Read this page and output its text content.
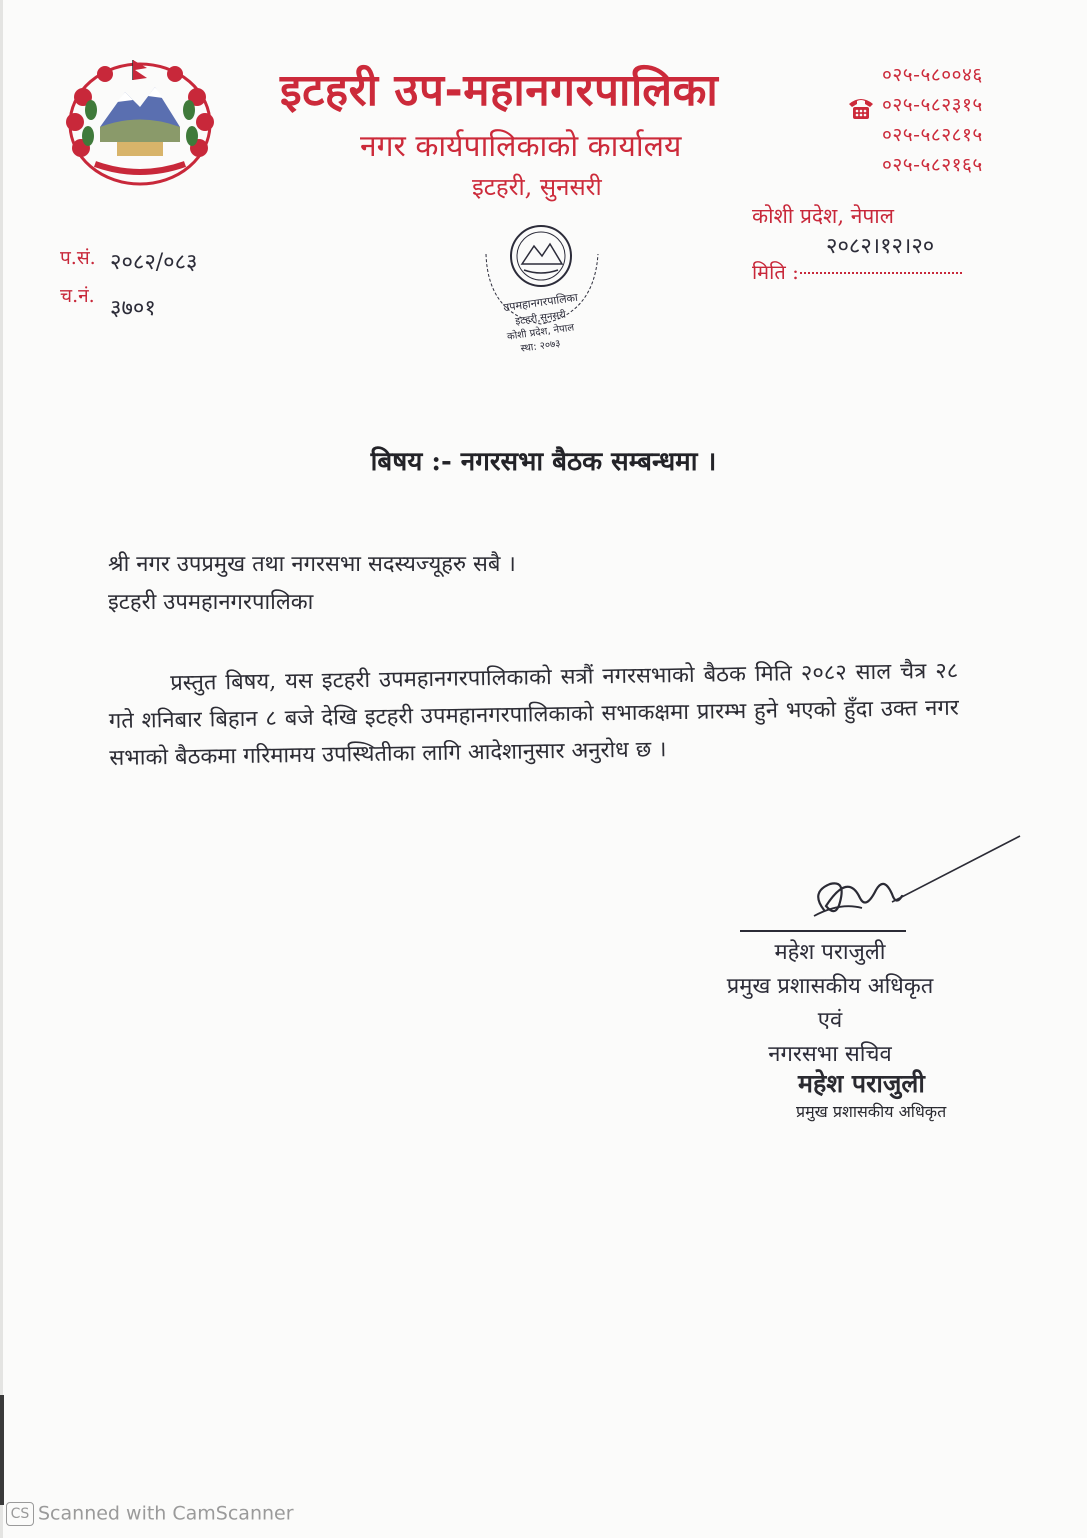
इटहरी उप-महानगरपालिका
नगर कार्यपालिकाको कार्यालय
इटहरी, सुनसरी
०२५-५८००४६
०२५-५८२३१५
०२५-५८२८१५
०२५-५८२१६५
कोशी प्रदेश, नेपाल
२०८२।१२।२०
मिति :
प.सं. २०८२/०८३
च.नं. ३७०१	उपमहानगरपालिका
इटहरी,सुनसरी
कोशी प्रदेश, नेपाल
स्था: २०७३
बिषय :- नगरसभा बैठक सम्बन्धमा ।
श्री नगर उपप्रमुख तथा नगरसभा सदस्यज्यूहरु सबै ।
इटहरी उपमहानगरपालिका
प्रस्तुत बिषय, यस इटहरी उपमहानगरपालिकाको सत्रौं नगरसभाको बैठक मिति २०८२ साल चैत्र २८ गते शनिबार बिहान ८ बजे देखि इटहरी उपमहानगरपालिकाको सभाकक्षमा प्रारम्भ हुने भएको हुँदा उक्त नगर सभाको बैठकमा गरिमामय उपस्थितीका लागि आदेशानुसार अनुरोध छ ।
महेश पराजुली
प्रमुख प्रशासकीय अधिकृत
एवं
नगरसभा सचिव
महेश पराजुली
प्रमुख प्रशासकीय अधिकृत
CS Scanned with CamScanner
